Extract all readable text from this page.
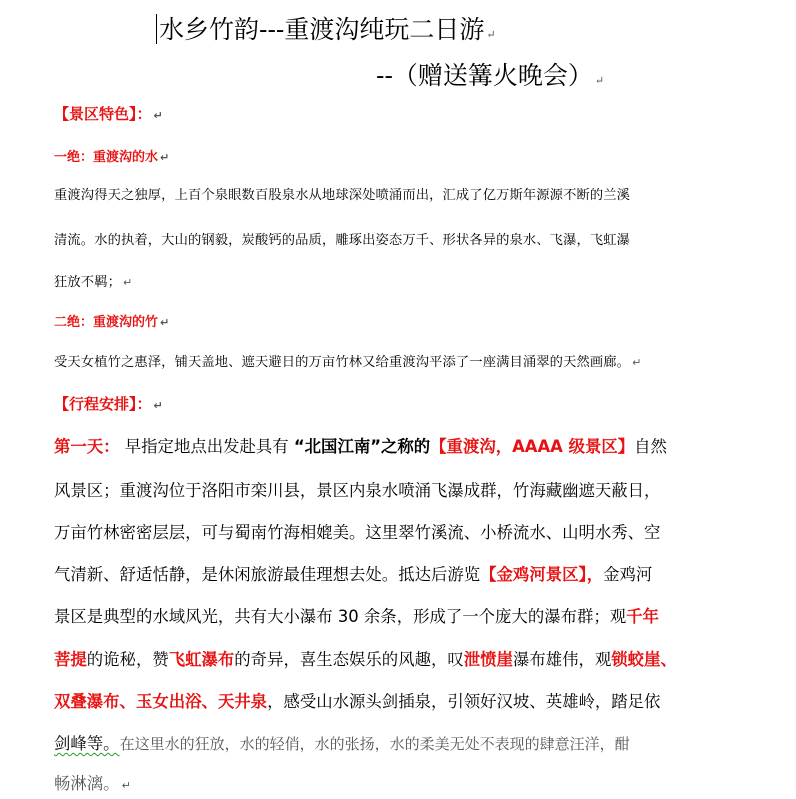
水乡竹韵---重渡沟纯玩二日游 ↵
--（赠送篝火晚会） ↵
【景区特色】： ↵
一绝：重渡沟的水 ↵
重渡沟得天之独厚，上百个泉眼数百股泉水从地球深处喷涌而出，汇成了亿万斯年源源不断的兰溪
清流。水的执着，大山的钢毅，炭酸钙的品质，雕琢出姿态万千、形状各异的泉水、飞瀑，飞虹瀑
狂放不羁； ↵
二绝：重渡沟的竹 ↵
受天女植竹之惠泽，铺天盖地、遮天避日的万亩竹林又给重渡沟平添了一座满目涌翠的天然画廊。 ↵
【行程安排】： ↵
第一天： 早指定地点出发赴具有 “北国江南”之称的【重渡沟，AAAA 级景区】自然
风景区；重渡沟位于洛阳市栾川县，景区内泉水喷涌飞瀑成群，竹海藏幽遮天蔽日，
万亩竹林密密层层，可与蜀南竹海相媲美。这里翠竹溪流、小桥流水、山明水秀、空
气清新、舒适恬静，是休闲旅游最佳理想去处。抵达后游览【金鸡河景区】，金鸡河
景区是典型的水域风光，共有大小瀑布 30 余条，形成了一个庞大的瀑布群；观千年
菩提的诡秘，赞飞虹瀑布的奇异，喜生态娱乐的风趣，叹泄愤崖瀑布雄伟，观锁蛟崖、
双叠瀑布、玉女出浴、天井泉，感受山水源头剑插泉，引领好汉坡、英雄岭，踏足依
剑峰等。在这里水的狂放，水的轻俏，水的张扬，水的柔美无处不表现的肆意汪洋，酣
畅淋漓。 ↵
